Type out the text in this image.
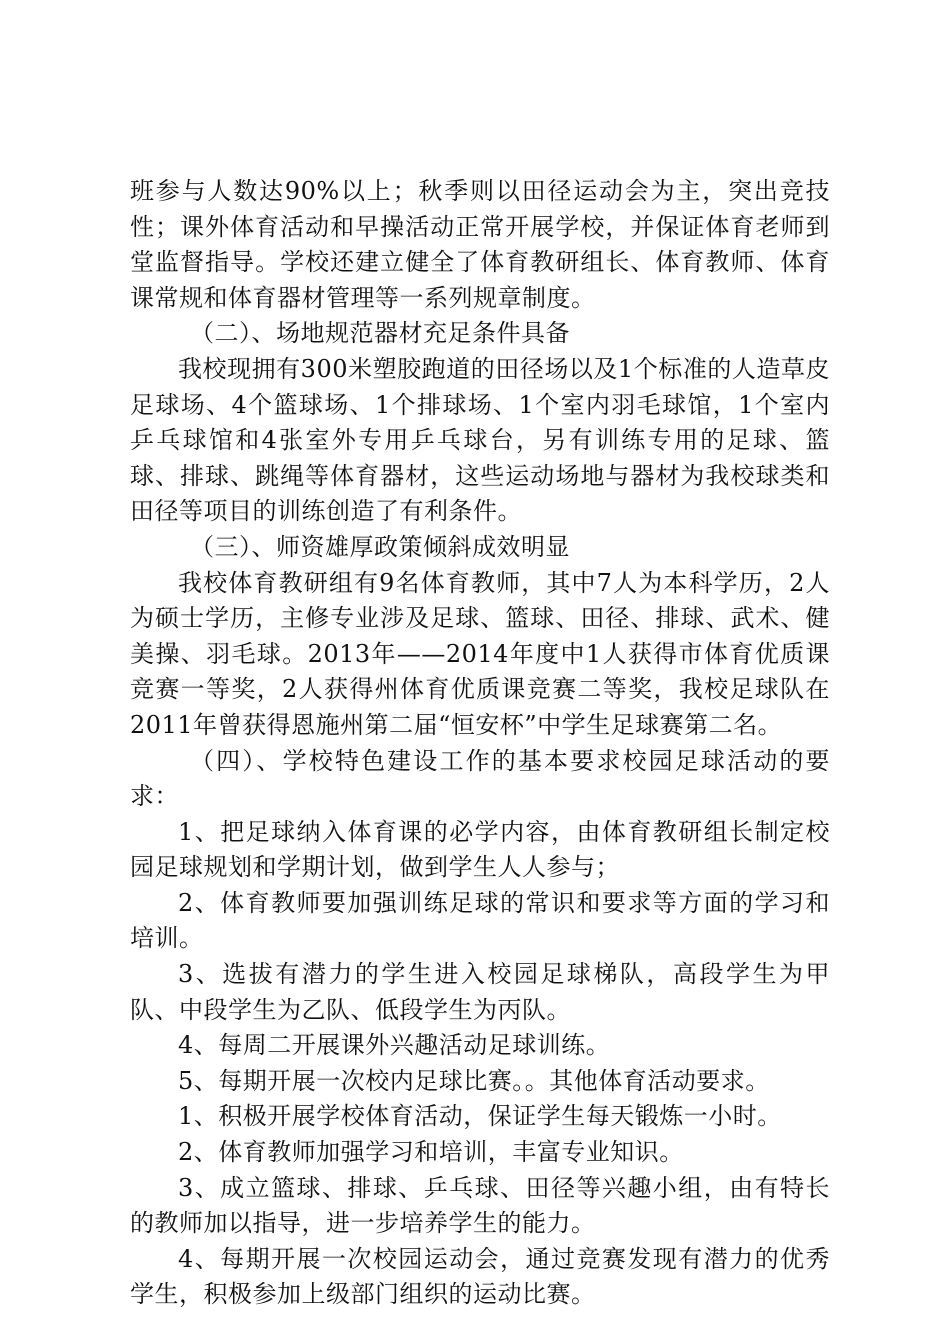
班参与人数达90%以上；秋季则以田径运动会为主，突出竞技性；课外体育活动和早操活动正常开展学校，并保证体育老师到堂监督指导。学校还建立健全了体育教研组长、体育教师、体育课常规和体育器材管理等一系列规章制度。

（二）、场地规范器材充足条件具备

我校现拥有300米塑胶跑道的田径场以及1个标准的人造草皮足球场、4个篮球场、1个排球场、1个室内羽毛球馆，1个室内乒乓球馆和4张室外专用乒乓球台，另有训练专用的足球、篮球、排球、跳绳等体育器材，这些运动场地与器材为我校球类和田径等项目的训练创造了有利条件。

（三）、师资雄厚政策倾斜成效明显

我校体育教研组有9名体育教师，其中7人为本科学历，2人为硕士学历，主修专业涉及足球、篮球、田径、排球、武术、健美操、羽毛球。2013年——2014年度中1人获得市体育优质课竞赛一等奖，2人获得州体育优质课竞赛二等奖，我校足球队在2011年曾获得恩施州第二届“恒安杯”中学生足球赛第二名。

（四）、学校特色建设工作的基本要求校园足球活动的要求：

1、把足球纳入体育课的必学内容，由体育教研组长制定校园足球规划和学期计划，做到学生人人参与；

2、体育教师要加强训练足球的常识和要求等方面的学习和培训。

3、选拔有潜力的学生进入校园足球梯队，高段学生为甲队、中段学生为乙队、低段学生为丙队。

4、每周二开展课外兴趣活动足球训练。

5、每期开展一次校内足球比赛。。其他体育活动要求。

1、积极开展学校体育活动，保证学生每天锻炼一小时。

2、体育教师加强学习和培训，丰富专业知识。

3、成立篮球、排球、乒乓球、田径等兴趣小组，由有特长的教师加以指导，进一步培养学生的能力。

4、每期开展一次校园运动会，通过竞赛发现有潜力的优秀学生，积极参加上级部门组织的运动比赛。
